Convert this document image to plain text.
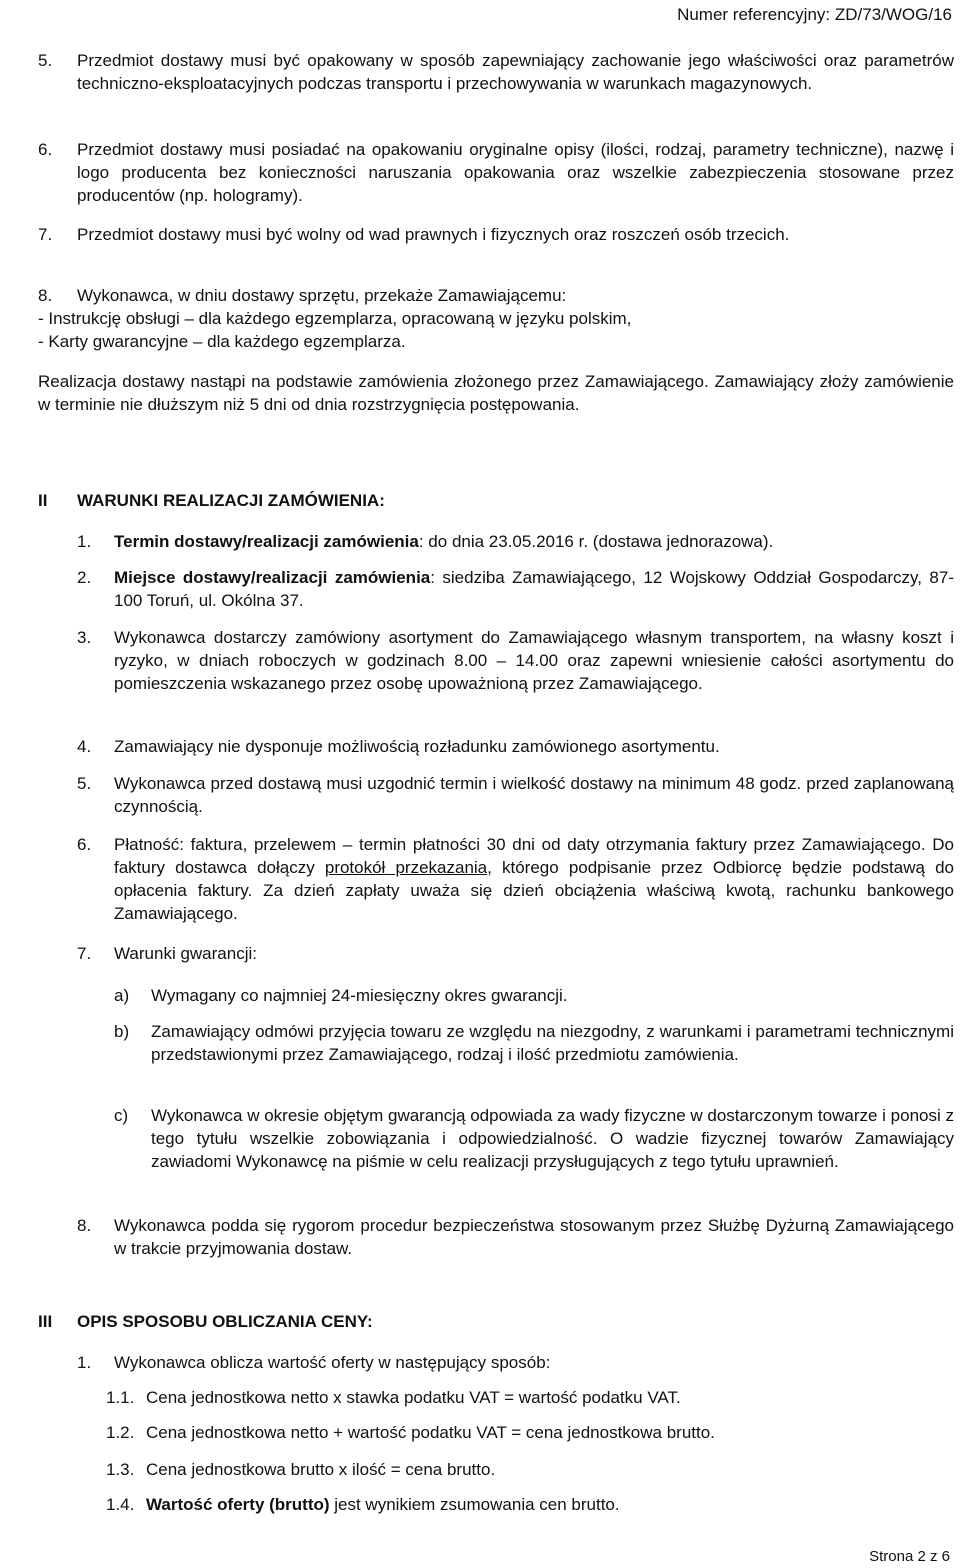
Numer referencyjny: ZD/73/WOG/16
5. Przedmiot dostawy musi być opakowany w sposób zapewniający zachowanie jego właściwości oraz parametrów techniczno-eksploatacyjnych podczas transportu i przechowywania w warunkach magazynowych.

6. Przedmiot dostawy musi posiadać na opakowaniu oryginalne opisy (ilości, rodzaj, parametry techniczne), nazwę i logo producenta bez konieczności naruszania opakowania oraz wszelkie zabezpieczenia stosowane przez producentów (np. hologramy).

7. Przedmiot dostawy musi być wolny od wad prawnych i fizycznych oraz roszczeń osób trzecich.

8. Wykonawca, w dniu dostawy sprzętu, przekaże Zamawiającemu:

- Instrukcję obsługi – dla każdego egzemplarza, opracowaną w języku polskim,

- Karty gwarancyjne – dla każdego egzemplarza.

Realizacja dostawy nastąpi na podstawie zamówienia złożonego przez Zamawiającego. Zamawiający złoży zamówienie w terminie nie dłuższym niż 5 dni od dnia rozstrzygnięcia postępowania.

II WARUNKI REALIZACJI ZAMÓWIENIA:
1. Termin dostawy/realizacji zamówienia: do dnia 23.05.2016 r. (dostawa jednorazowa).

2. Miejsce dostawy/realizacji zamówienia: siedziba Zamawiającego, 12 Wojskowy Oddział Gospodarczy, 87-100 Toruń, ul. Okólna 37.

3. Wykonawca dostarczy zamówiony asortyment do Zamawiającego własnym transportem, na własny koszt i ryzyko, w dniach roboczych w godzinach 8.00 – 14.00 oraz zapewni wniesienie całości asortymentu do pomieszczenia wskazanego przez osobę upoważnioną przez Zamawiającego.

4. Zamawiający nie dysponuje możliwością rozładunku zamówionego asortymentu.

5. Wykonawca przed dostawą musi uzgodnić termin i wielkość dostawy na minimum 48 godz. przed zaplanowaną czynnością.

6. Płatność: faktura, przelewem – termin płatności 30 dni od daty otrzymania faktury przez Zamawiającego. Do faktury dostawca dołączy protokół przekazania, którego podpisanie przez Odbiorcę będzie podstawą do opłacenia faktury. Za dzień zapłaty uważa się dzień obciążenia właściwą kwotą, rachunku bankowego Zamawiającego.

7. Warunki gwarancji:

a) Wymagany co najmniej 24-miesięczny okres gwarancji.

b) Zamawiający odmówi przyjęcia towaru ze względu na niezgodny, z warunkami i parametrami technicznymi przedstawionymi przez Zamawiającego, rodzaj i ilość przedmiotu zamówienia.

c) Wykonawca w okresie objętym gwarancją odpowiada za wady fizyczne w dostarczonym towarze i ponosi z tego tytułu wszelkie zobowiązania i odpowiedzialność. O wadzie fizycznej towarów Zamawiający zawiadomi Wykonawcę na piśmie w celu realizacji przysługujących z tego tytułu uprawnień.

8. Wykonawca podda się rygorom procedur bezpieczeństwa stosowanym przez Służbę Dyżurną Zamawiającego w trakcie przyjmowania dostaw.

III OPIS SPOSOBU OBLICZANIA CENY:
1. Wykonawca oblicza wartość oferty w następujący sposób:

1.1. Cena jednostkowa netto x stawka podatku VAT = wartość podatku VAT.

1.2. Cena jednostkowa netto + wartość podatku VAT = cena jednostkowa brutto.

1.3. Cena jednostkowa brutto x ilość = cena brutto.

1.4. Wartość oferty (brutto) jest wynikiem zsumowania cen brutto.

Strona 2 z 6
